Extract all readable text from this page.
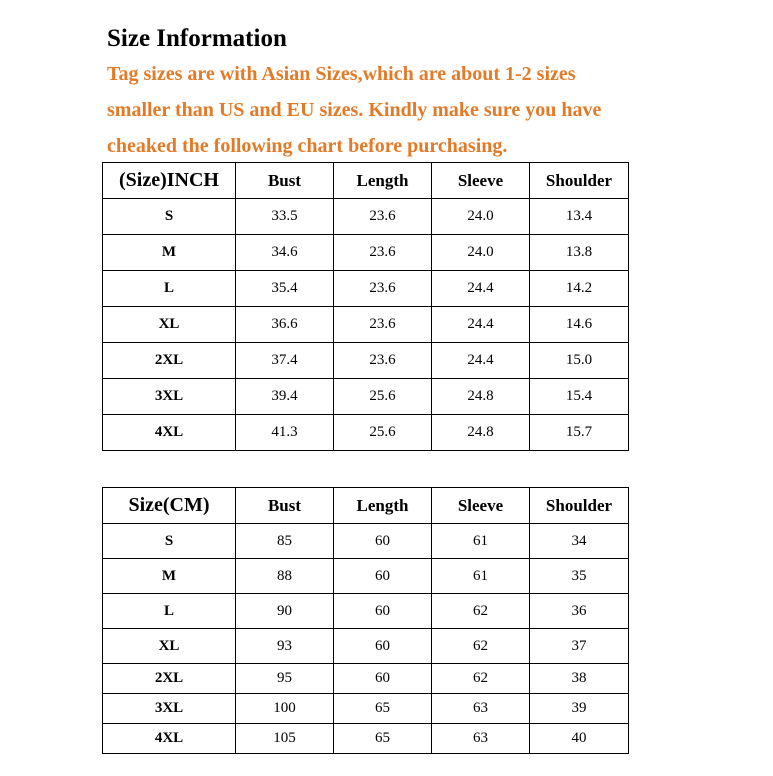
Size Information
Tag sizes are with Asian Sizes,which are about 1-2 sizes
smaller than US and EU sizes. Kindly make sure you have
cheaked the following chart before purchasing.
(Size)INCH	Bust	Length	Sleeve	Shoulder
S	33.5	23.6	24.0	13.4
M	34.6	23.6	24.0	13.8
L	35.4	23.6	24.4	14.2
XL	36.6	23.6	24.4	14.6
2XL	37.4	23.6	24.4	15.0
3XL	39.4	25.6	24.8	15.4
4XL	41.3	25.6	24.8	15.7
Size(CM)	Bust	Length	Sleeve	Shoulder
S	85	60	61	34
M	88	60	61	35
L	90	60	62	36
XL	93	60	62	37
2XL	95	60	62	38
3XL	100	65	63	39
4XL	105	65	63	40
